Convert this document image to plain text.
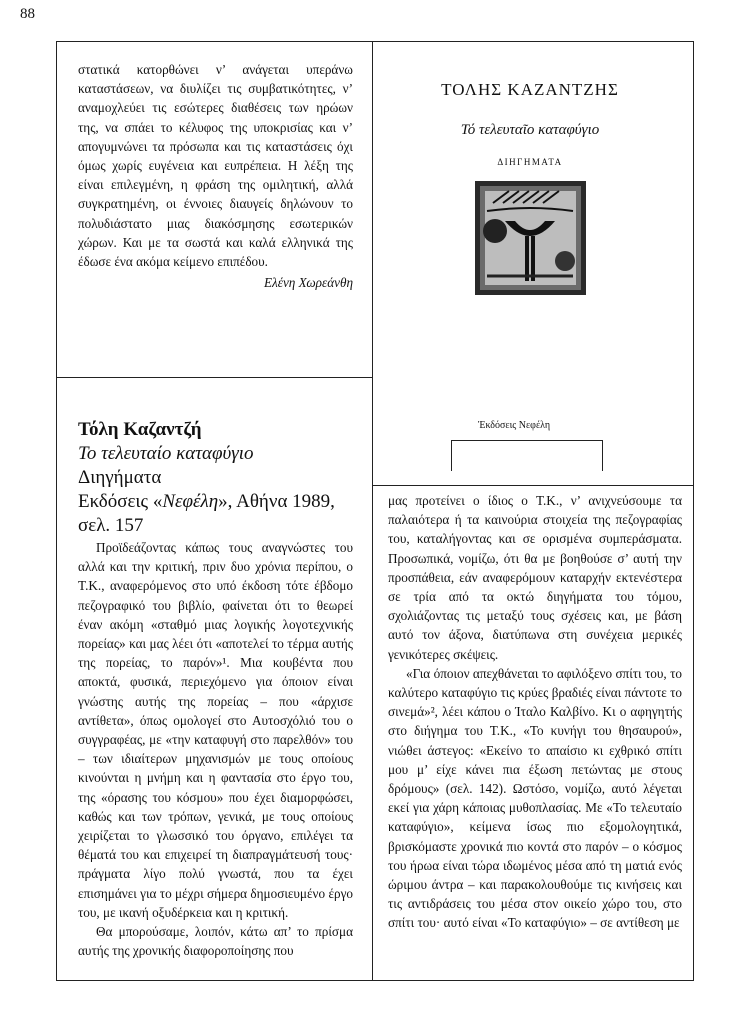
88

στατικά κατορθώνει ν’ ανάγεται υπεράνω καταστάσεων, να διυλίζει τις συμβατικότητες, ν’ αναμοχλεύει τις εσώτερες διαθέσεις των ηρώων της, να σπάει το κέλυφος της υποκρισίας και ν’ απογυμνώνει τα πρόσωπα και τις καταστάσεις όχι όμως χωρίς ευγένεια και ευπρέπεια. Η λέξη της είναι επιλεγμένη, η φράση της ομιλητική, αλλά συγκρατημένη, οι έννοιες διαυγείς δηλώνουν το πολυδιάστατο μιας διακόσμησης εσωτερικών χώρων. Και με τα σωστά και καλά ελληνικά της έδωσε ένα ακόμα κείμενο επιπέδου.

Ελένη Χωρεάνθη
Τόλη Καζαντζή
Το τελευταίο καταφύγιο
Διηγήματα
Εκδόσεις «Νεφέλη», Αθήνα 1989,
σελ. 157

Προϊδεάζοντας κάπως τους αναγνώστες του αλλά και την κριτική, πριν δυο χρόνια περίπου, ο Τ.Κ., αναφερόμενος στο υπό έκδοση τότε έβδομο πεζογραφικό του βιβλίο, φαίνεται ότι το θεωρεί έναν ακόμη «σταθμό μιας λογικής λογοτεχνικής πορείας» και μας λέει ότι «αποτελεί το τέρμα αυτής της πορείας, το παρόν»¹. Μια κουβέντα που αποκτά, φυσικά, περιεχόμενο για όποιον είναι γνώστης αυτής της πορείας – που «άρχισε αντίθετα», όπως ομολογεί στο Αυτοσχόλιό του ο συγγραφέας, με «την καταφυγή στο παρελθόν» του – των ιδιαίτερων μηχανισμών με τους οποίους κινούνται η μνήμη και η φαντασία στο έργο του, της «όρασης του κόσμου» που έχει διαμορφώσει, καθώς και των τρόπων, γενικά, με τους οποίους χειρίζεται το γλωσσικό του όργανο, επιλέγει τα θέματά του και επιχειρεί τη διαπραγμάτευσή τους· πράγματα λίγο πολύ γνωστά, που τα έχει επισημάνει για το μέχρι σήμερα δημοσιευμένο έργο του, με ικανή οξυδέρκεια και η κριτική.

Θα μπορούσαμε, λοιπόν, κάτω απ’ το πρίσμα αυτής της χρονικής διαφοροποίησης που

ΤΟΛΗΣ ΚΑΖΑΝΤΖΗΣ
Τό τελευταῖο καταφύγιο
ΔΙΗΓΗΜΑΤΑ
Ἐκδόσεις Νεφέλη

μας προτείνει ο ίδιος ο Τ.Κ., ν’ ανιχνεύσουμε τα παλαιότερα ή τα καινούρια στοιχεία της πεζογραφίας του, καταλήγοντας και σε ορισμένα συμπεράσματα. Προσωπικά, νομίζω, ότι θα με βοηθούσε σ’ αυτή την προσπάθεια, εάν αναφερόμουν καταρχήν εκτενέστερα σε τρία από τα οκτώ διηγήματα του τόμου, σχολιάζοντας τις μεταξύ τους σχέσεις και, με βάση αυτό τον άξονα, διατύπωνα στη συνέχεια μερικές γενικότερες σκέψεις.

«Για όποιον απεχθάνεται το αφιλόξενο σπίτι του, το καλύτερο καταφύγιο τις κρύες βραδιές είναι πάντοτε το σινεμά»², λέει κάπου ο Ίταλο Καλβίνο. Κι ο αφηγητής στο διήγημα του Τ.Κ., «Το κυνήγι του θησαυρού», νιώθει άστεγος: «Εκείνο το απαίσιο κι εχθρικό σπίτι μου μ’ είχε κάνει πια έξωση πετώντας με στους δρόμους» (σελ. 142). Ωστόσο, νομίζω, αυτό λέγεται εκεί για χάρη κάποιας μυθοπλασίας. Με «Το τελευταίο καταφύγιο», κείμενα ίσως πιο εξομολογητικά, βρισκόμαστε χρονικά πιο κοντά στο παρόν – ο κόσμος του ήρωα είναι τώρα ιδωμένος μέσα από τη ματιά ενός ώριμου άντρα – και παρακολουθούμε τις κινήσεις και τις αντιδράσεις του μέσα στον οικείο χώρο του, στο σπίτι του· αυτό είναι «Το καταφύγιο» – σε αντίθεση με
